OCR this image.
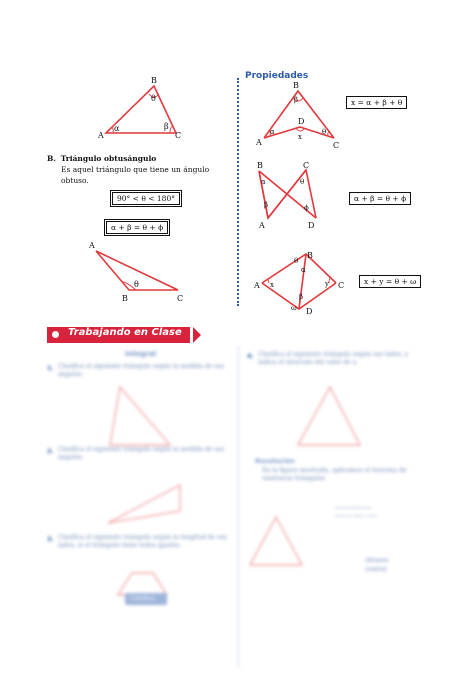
B
θ
A
α	β
C
B. Triángulo obtusángulo
Es aquel triángulo que tiene un ángulo obtuso.
90° < θ < 180°
α + β = θ + ϕ
A
B	C
θ
Propiedades
B
β
A
α
D
x
θ
C
x = α + β + θ
B	C
α	θ
β	ϕ
A	D
α + β = θ + ϕ
B
θ
α
A x	y C
ω
β
D
x + y = θ + ω
Trabajando en Clase
Integral
1. Clasifica el siguiente triángulo según la medida de sus ángulos.
2. Clasifica el siguiente triángulo según la medida de sus ángulos.
3. Clasifica el siguiente triángulo según la longitud de sus lados, si el triángulo tiene todos iguales.
Católica
4. Clasifica el siguiente triángulo según sus lados, y indica el intervalo del valor de x.
Resolución
En la figura mostrada, aplicamos el teorema de existencia triangular.
──────────
─── ─ ─── ───
obtusos
central
